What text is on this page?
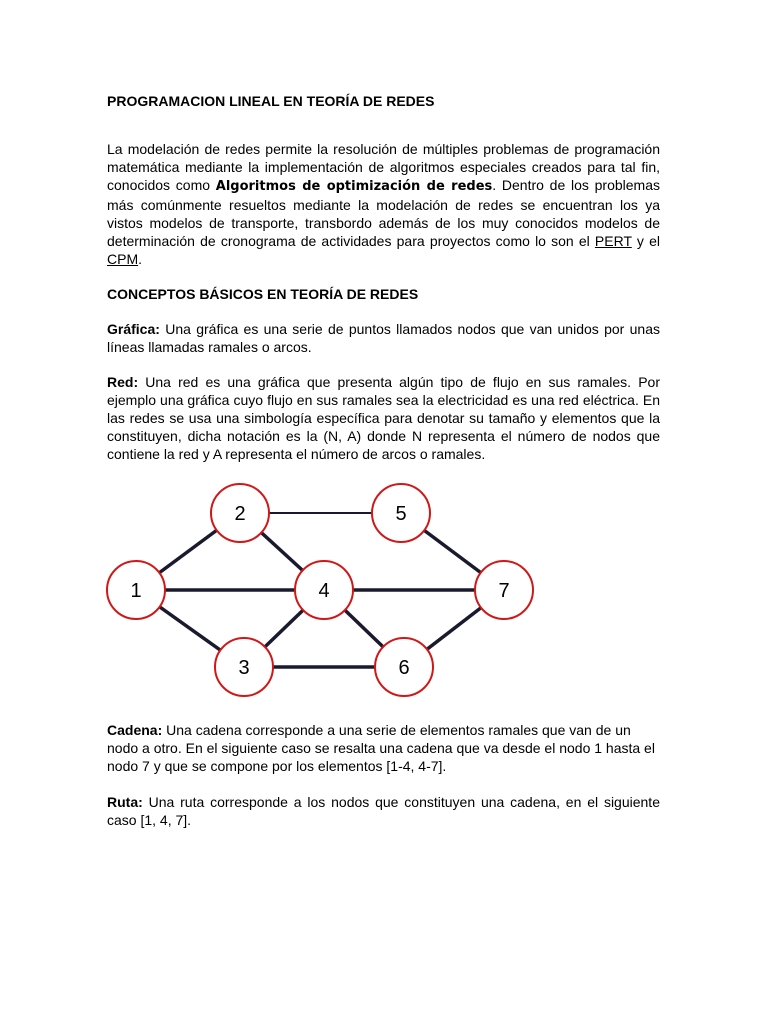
PROGRAMACION LINEAL EN TEORÍA DE REDES

La modelación de redes permite la resolución de múltiples problemas de programación matemática mediante la implementación de algoritmos especiales creados para tal fin, conocidos como Algoritmos de optimización de redes. Dentro de los problemas más comúnmente resueltos mediante la modelación de redes se encuentran los ya vistos modelos de transporte, transbordo además de los muy conocidos modelos de determinación de cronograma de actividades para proyectos como lo son el PERT y el CPM.

CONCEPTOS BÁSICOS EN TEORÍA DE REDES

Gráfica: Una gráfica es una serie de puntos llamados nodos que van unidos por unas líneas llamadas ramales o arcos.

Red: Una red es una gráfica que presenta algún tipo de flujo en sus ramales. Por ejemplo una gráfica cuyo flujo en sus ramales sea la electricidad es una red eléctrica. En las redes se usa una simbología específica para denotar su tamaño y elementos que la constituyen, dicha notación es la (N, A) donde N representa el número de nodos que contiene la red y A representa el número de arcos o ramales.

Cadena: Una cadena corresponde a una serie de elementos ramales que van de un nodo a otro. En el siguiente caso se resalta una cadena que va desde el nodo 1 hasta el nodo 7 y que se compone por los elementos [1-4, 4-7].

Ruta: Una ruta corresponde a los nodos que constituyen una cadena, en el siguiente caso [1, 4, 7].

1
2
3
4
5
6
7
